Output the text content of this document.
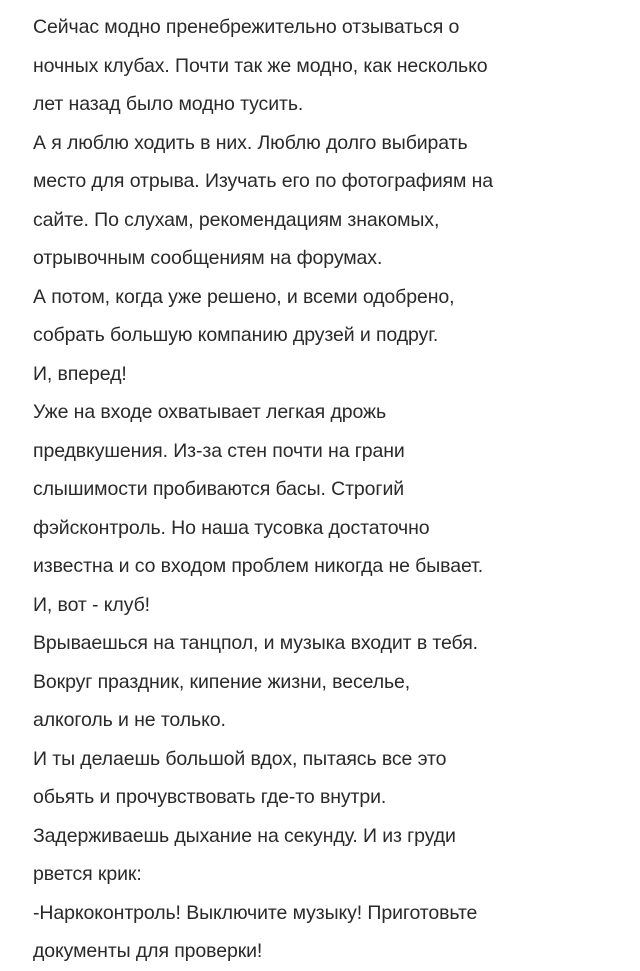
Сейчас модно пренебрежительно отзываться о
ночных клубах. Почти так же модно, как несколько
лет назад было модно тусить.
А я люблю ходить в них. Люблю долго выбирать
место для отрыва. Изучать его по фотографиям на
сайте. По слухам, рекомендациям знакомых,
отрывочным сообщениям на форумах.
А потом, когда уже решено, и всеми одобрено,
собрать большую компанию друзей и подруг.
И, вперед!
Уже на входе охватывает легкая дрожь
предвкушения. Из-за стен почти на грани
слышимости пробиваются басы. Строгий
фэйсконтроль. Но наша тусовка достаточно
известна и со входом проблем никогда не бывает.
И, вот - клуб!
Врываешься на танцпол, и музыка входит в тебя.
Вокруг праздник, кипение жизни, веселье,
алкоголь и не только.
И ты делаешь большой вдох, пытаясь все это
обьять и прочувствовать где-то внутри.
Задерживаешь дыхание на секунду. И из груди
рвется крик:
-Наркоконтроль! Выключите музыку! Приготовьте
документы для проверки!
